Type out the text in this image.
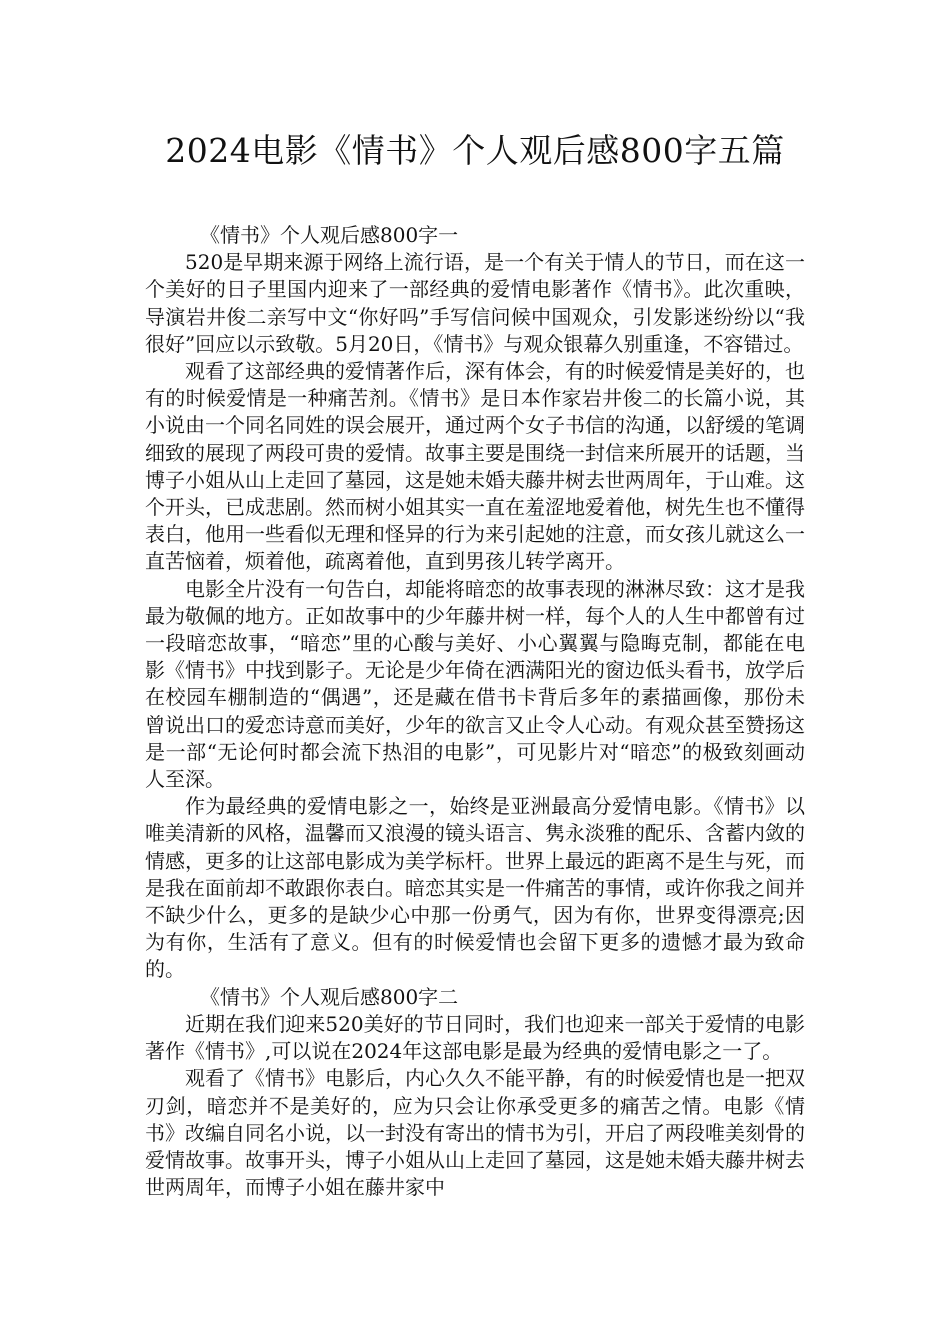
2024电影《情书》个人观后感800字五篇

《情书》个人观后感800字一

520是早期来源于网络上流行语，是一个有关于情人的节日，而在这一个美好的日子里国内迎来了一部经典的爱情电影著作《情书》。此次重映，导演岩井俊二亲写中文“你好吗”手写信问候中国观众，引发影迷纷纷以“我很好”回应以示致敬。5月20日，《情书》与观众银幕久别重逢，不容错过。

观看了这部经典的爱情著作后，深有体会，有的时候爱情是美好的，也有的时候爱情是一种痛苦剂。《情书》是日本作家岩井俊二的长篇小说，其小说由一个同名同姓的误会展开，通过两个女子书信的沟通，以舒缓的笔调细致的展现了两段可贵的爱情。故事主要是围绕一封信来所展开的话题，当博子小姐从山上走回了墓园，这是她未婚夫藤井树去世两周年，于山难。这个开头，已成悲剧。然而树小姐其实一直在羞涩地爱着他，树先生也不懂得表白，他用一些看似无理和怪异的行为来引起她的注意，而女孩儿就这么一直苦恼着，烦着他，疏离着他，直到男孩儿转学离开。

电影全片没有一句告白，却能将暗恋的故事表现的淋淋尽致：这才是我最为敬佩的地方。正如故事中的少年藤井树一样，每个人的人生中都曾有过一段暗恋故事，“暗恋”里的心酸与美好、小心翼翼与隐晦克制，都能在电影《情书》中找到影子。无论是少年倚在洒满阳光的窗边低头看书，放学后在校园车棚制造的“偶遇”，还是藏在借书卡背后多年的素描画像，那份未曾说出口的爱恋诗意而美好，少年的欲言又止令人心动。有观众甚至赞扬这是一部“无论何时都会流下热泪的电影”，可见影片对“暗恋”的极致刻画动人至深。

作为最经典的爱情电影之一，始终是亚洲最高分爱情电影。《情书》以唯美清新的风格，温馨而又浪漫的镜头语言、隽永淡雅的配乐、含蓄内敛的情感，更多的让这部电影成为美学标杆。世界上最远的距离不是生与死，而是我在面前却不敢跟你表白。暗恋其实是一件痛苦的事情，或许你我之间并不缺少什么，更多的是缺少心中那一份勇气，因为有你，世界变得漂亮;因为有你，生活有了意义。但有的时候爱情也会留下更多的遗憾才最为致命的。

《情书》个人观后感800字二

近期在我们迎来520美好的节日同时，我们也迎来一部关于爱情的电影著作《情书》,可以说在2024年这部电影是最为经典的爱情电影之一了。

观看了《情书》电影后，内心久久不能平静，有的时候爱情也是一把双刃剑，暗恋并不是美好的，应为只会让你承受更多的痛苦之情。电影《情书》改编自同名小说，以一封没有寄出的情书为引，开启了两段唯美刻骨的爱情故事。故事开头，博子小姐从山上走回了墓园，这是她未婚夫藤井树去世两周年，而博子小姐在藤井家中
